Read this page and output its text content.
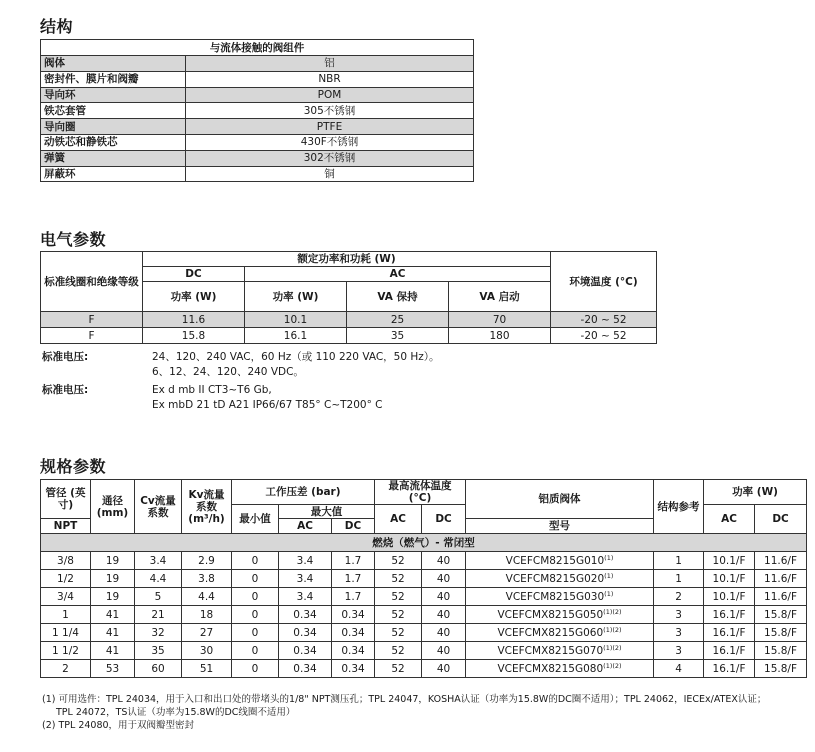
结构
与流体接触的阀组件	
阀体	铝
密封件、膜片和阀瓣	NBR
导向环	POM
铁芯套管	305不锈钢
导向圈	PTFE
动铁芯和静铁芯	430F不锈钢
弹簧	302不锈钢
屏蔽环	铜
电气参数
标准线圈和绝缘等级	额定功率和功耗 (W)				环境温度 (°C)
	DC	AC			
	功率 (W)	功率 (W)	VA 保持	VA 启动	
F	11.6	10.1	25	70	-20 ~ 52
F	15.8	16.1	35	180	-20 ~ 52
标准电压:	24、120、240 VAC，60 Hz（或 110 220 VAC，50 Hz）。
6、12、24、120、240 VDC。
标准电压:	Ex d mb II CT3~T6 Gb,
Ex mbD 21 tD A21 IP66/67 T85° C~T200° C
规格参数
管径 (英寸)	通径 (mm)	Cv流量系数	Kv流量系数 (m³/h)	工作压差 (bar)			最高流体温度 (°C)		铝质阀体	结构参考	功率 (W)	
				最小值	最大值		AC	DC			AC	DC
									型号			
NPT					AC	DC						
燃烧（燃气）- 常闭型												
3/8	19	3.4	2.9	0	3.4	1.7	52	40	VCEFCM8215G010$^{(1)}$	1	10.1/F	11.6/F
1/2	19	4.4	3.8	0	3.4	1.7	52	40	VCEFCM8215G020$^{(1)}$	1	10.1/F	11.6/F
3/4	19	5	4.4	0	3.4	1.7	52	40	VCEFCM8215G030$^{(1)}$	2	10.1/F	11.6/F
1	41	21	18	0	0.34	0.34	52	40	$VCEFCMX8215G050^{(1)(2)}$	3	16.1/F	15.8/F
1 1/4	41	32	27	0	0.34	0.34	52	40	$VCEFCMX8215G060^{(1)(2)}$	3	16.1/F	15.8/F
1 1/2	41	35	30	0	0.34	0.34	52	40	$VCEFCMX8215G070^{(1)(2)}$	3	16.1/F	15.8/F
2	53	60	51	0	0.34	0.34	52	40	$VCEFCMX8215G080^{(1)(2)}$	4	16.1/F	15.8/F
(1) 可用选件：TPL 24034，用于入口和出口处的带堵头的1/8" NPT测压孔；TPL 24047，KOSHA认证（功率为15.8W的DC圈不适用）；TPL 24062，IECEx/ATEX认证；
TPL 24072，TS认证（功率为15.8W的DC线圈不适用）
(2) TPL 24080，用于双阀瓣型密封
